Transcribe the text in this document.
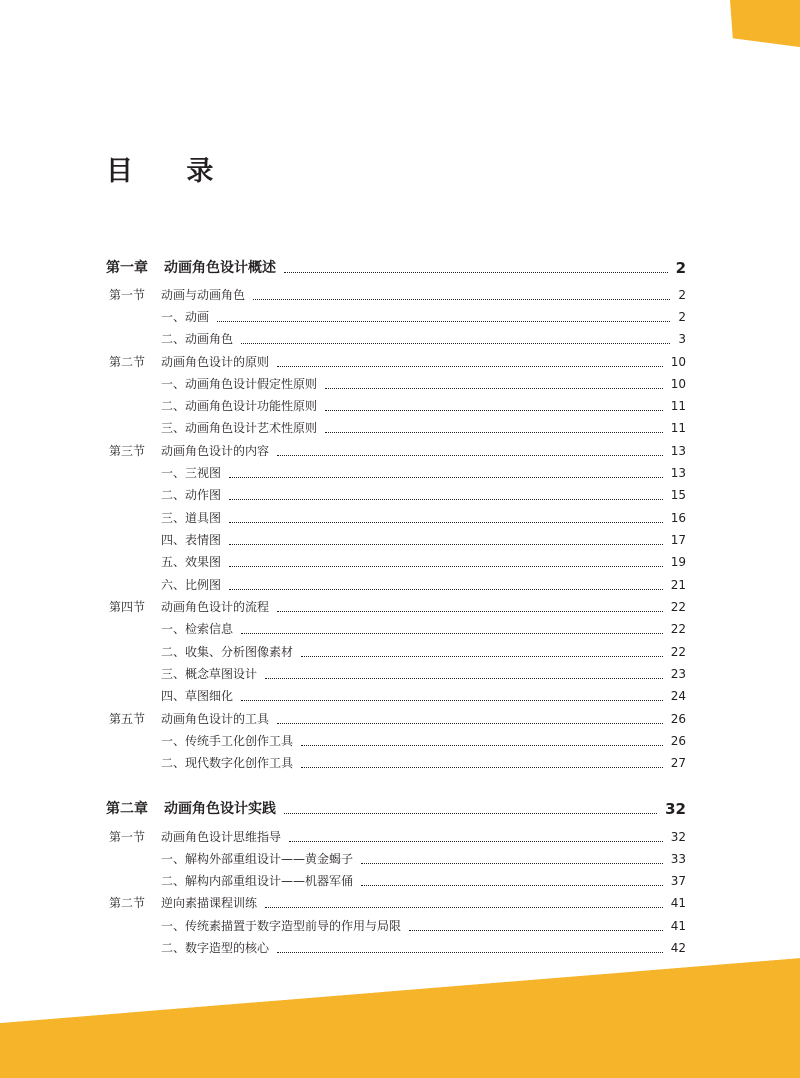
目 录
第一章 动画角色设计概述	2
第一节 动画与动画角色	2
一、动画	2
二、动画角色	3
第二节 动画角色设计的原则	10
一、动画角色设计假定性原则	10
二、动画角色设计功能性原则	11
三、动画角色设计艺术性原则	11
第三节 动画角色设计的内容	13
一、三视图	13
二、动作图	15
三、道具图	16
四、表情图	17
五、效果图	19
六、比例图	21
第四节 动画角色设计的流程	22
一、检索信息	22
二、收集、分析图像素材	22
三、概念草图设计	23
四、草图细化	24
第五节 动画角色设计的工具	26
一、传统手工化创作工具	26
二、现代数字化创作工具	27
第二章 动画角色设计实践	32
第一节 动画角色设计思维指导	32
一、解构外部重组设计——黄金蝎子	33
二、解构内部重组设计——机器军俑	37
第二节 逆向素描课程训练	41
一、传统素描置于数字造型前导的作用与局限	41
二、数字造型的核心	42
